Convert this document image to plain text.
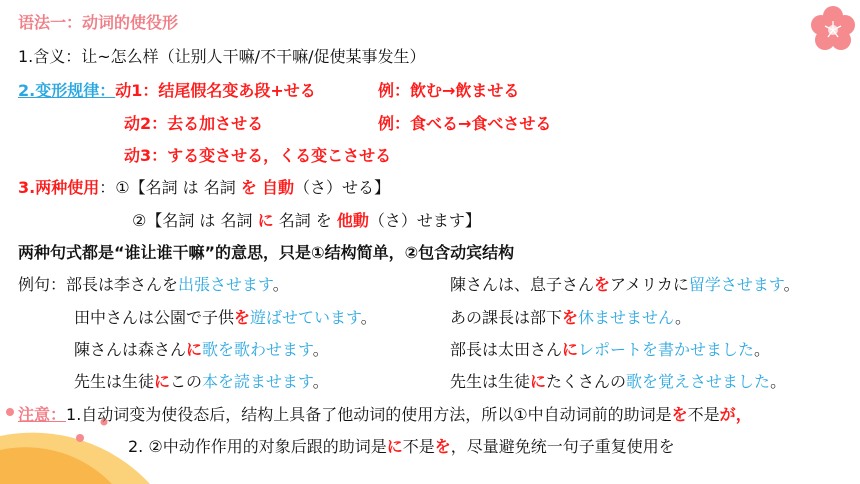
语法一：动词的使役形
1.含义：让~怎么样（让别人干嘛/不干嘛/促使某事发生）
2.变形规律：动1：结尾假名变あ段+せる	例：飲む→飲ませる
动2：去る加させる	例：食べる→食べさせる
动3：する变させる，くる变こさせる
3.两种使用：①【名詞 は 名詞 を 自動（さ）せる】
②【名詞 は 名詞 に 名詞 を 他動（さ）せます】
两种句式都是“谁让谁干嘛”的意思，只是①结构简单，②包含动宾结构
例句：部長は李さんを出張させます。
田中さんは公園で子供を遊ばせています。
陳さんは森さんに歌を歌わせます。
先生は生徒にこの本を読ませます。
陳さんは、息子さんをアメリカに留学させます。
あの課長は部下を休ませません。
部長は太田さんにレポートを書かせました。
先生は生徒にたくさんの歌を覚えさせました。
注意：1.自动词变为使役态后，结构上具备了他动词的使用方法，所以①中自动词前的助词是を不是が，
2. ②中动作作用的对象后跟的助词是に不是を，尽量避免统一句子重复使用を
